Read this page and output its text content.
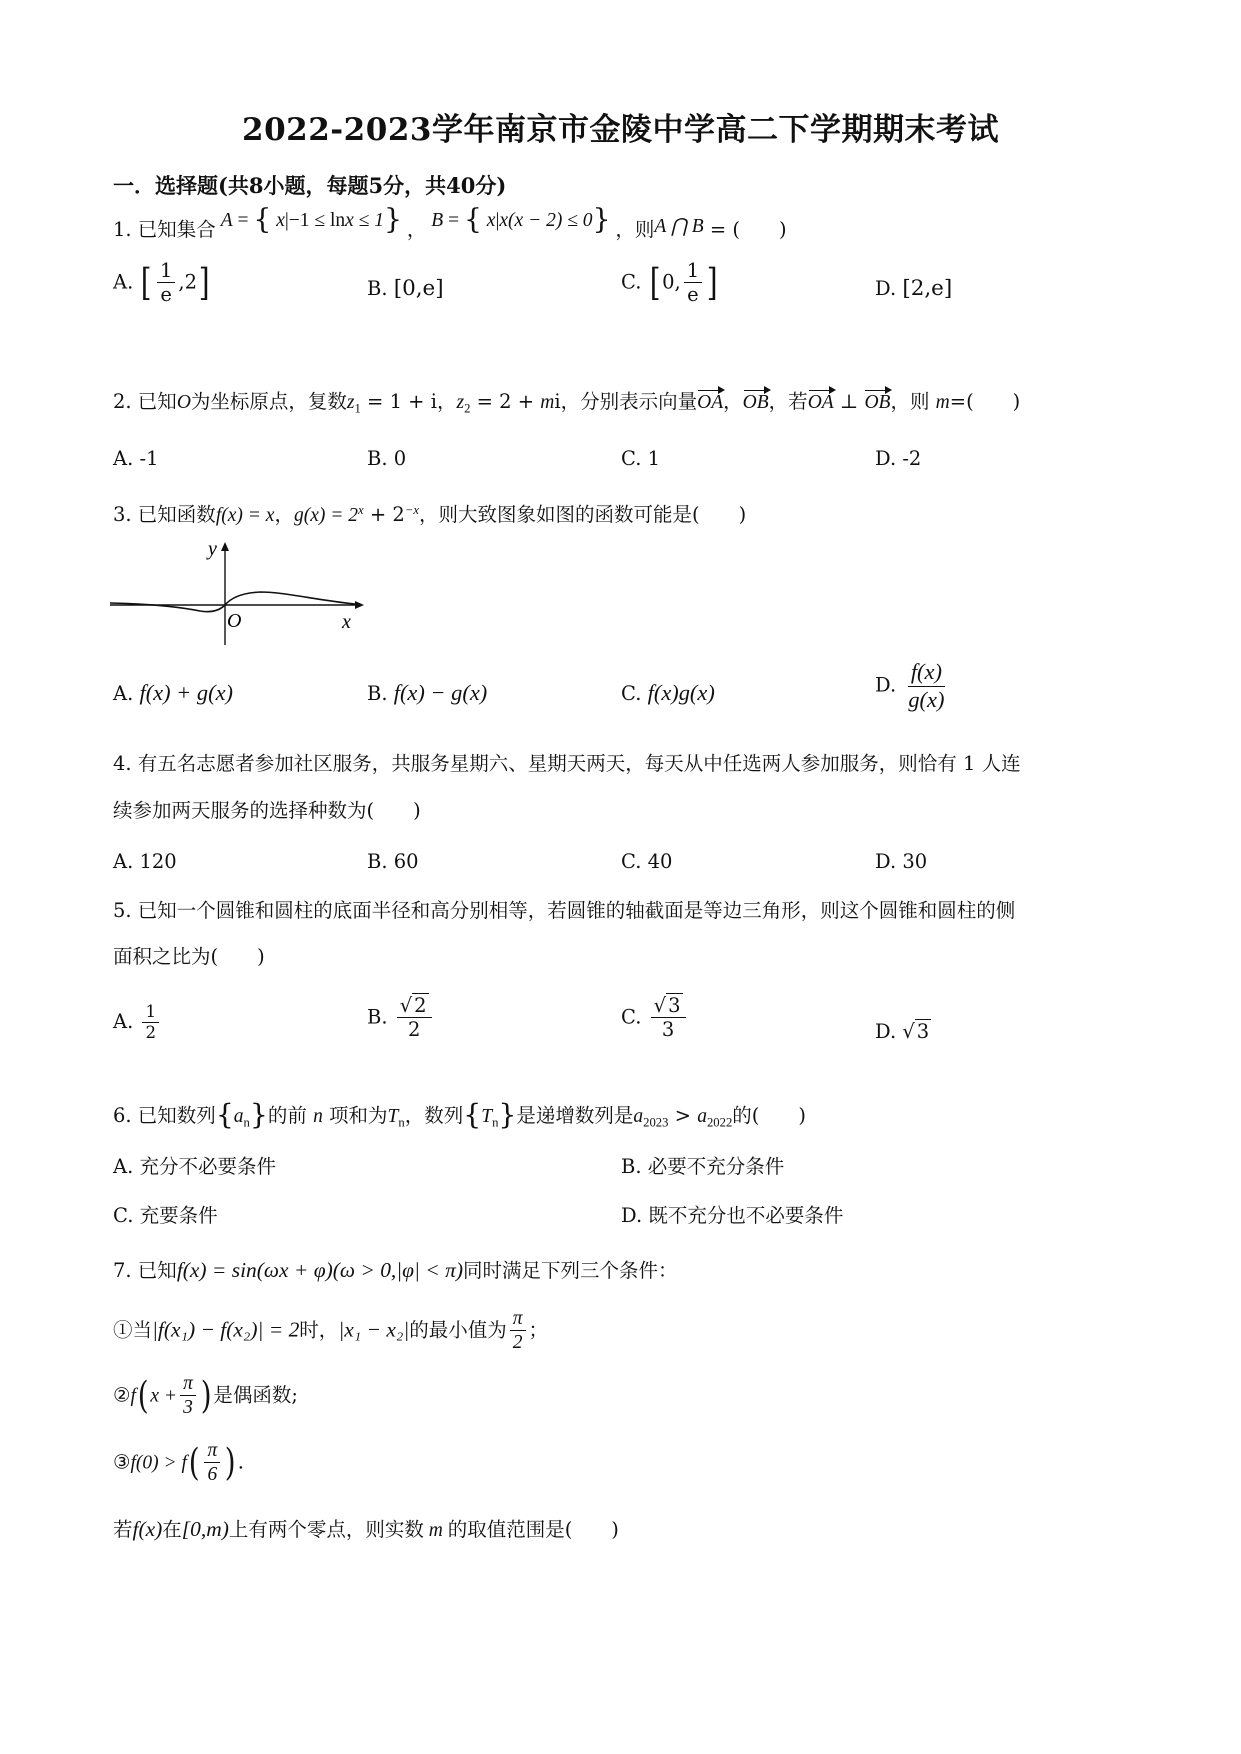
2022-2023学年南京市金陵中学高二下学期期末考试
一．选择题(共8小题，每题5分，共40分)
1. 已知集合 A = { x|−1 ≤ lnx ≤ 1} ， B = { x|x(x − 2) ≤ 0} ，则A ⋂ B = (　　)
A. [ $\frac{1}{e} ,2$]	B. [0,e]	C. [0, $\frac{1}{e}$ ]	D. [2,e]
2. 已知O为坐标原点，复数$z_1 = 1 + i$，$z_2 = 2$ + mi，分别表示向量OA，OB，若OA ⊥ OB，则 m=(　　)
A. -1	B. 0	C. 1	D. -2
3. 已知函数f(x) = x，$g(x) = 2^x + 2^{-x}$，则大致图象如图的函数可能是(　　)
y
x
O
A. f(x) + g(x)	B. f(x) − g(x)	C. f(x)g(x)	D. $\frac{f(x)}{g(x)}$
4. 有五名志愿者参加社区服务，共服务星期六、星期天两天，每天从中任选两人参加服务，则恰有 1 人连
续参加两天服务的选择种数为(　　)
A. 120	B. 60	C. 40	D. 30
5. 已知一个圆锥和圆柱的底面半径和高分别相等，若圆锥的轴截面是等边三角形，则这个圆锥和圆柱的侧
面积之比为(　　)
A. $\frac{1}{2}$	B. $\frac{√ 2}{2}$	C. $\frac{√ 3}{3}$	D. √ 3
6. 已知数列$\{a_n\}$的前 n 项和为$T_n$，数列$\{T_n\}$是递增数列是$a_{2023} > a_{2022}$的(　　)
A. 充分不必要条件	B. 必要不充分条件
C. 充要条件	D. 既不充分也不必要条件
7. 已知f(x) = sin(ωx + φ)(ω > 0,|φ| < π)同时满足下列三个条件：
①当|f(x₁) − f(x₂)| = 2时，|x₁ − x₂|的最小值为 $\frac{\pi}{2}$ ；
②f(x + $\frac{\pi}{3}$ )是偶函数;
③f(0) > $f( \frac{\pi}{6}$ ).
若f(x)在[0,m)上有两个零点，则实数 m 的取值范围是(　　)
